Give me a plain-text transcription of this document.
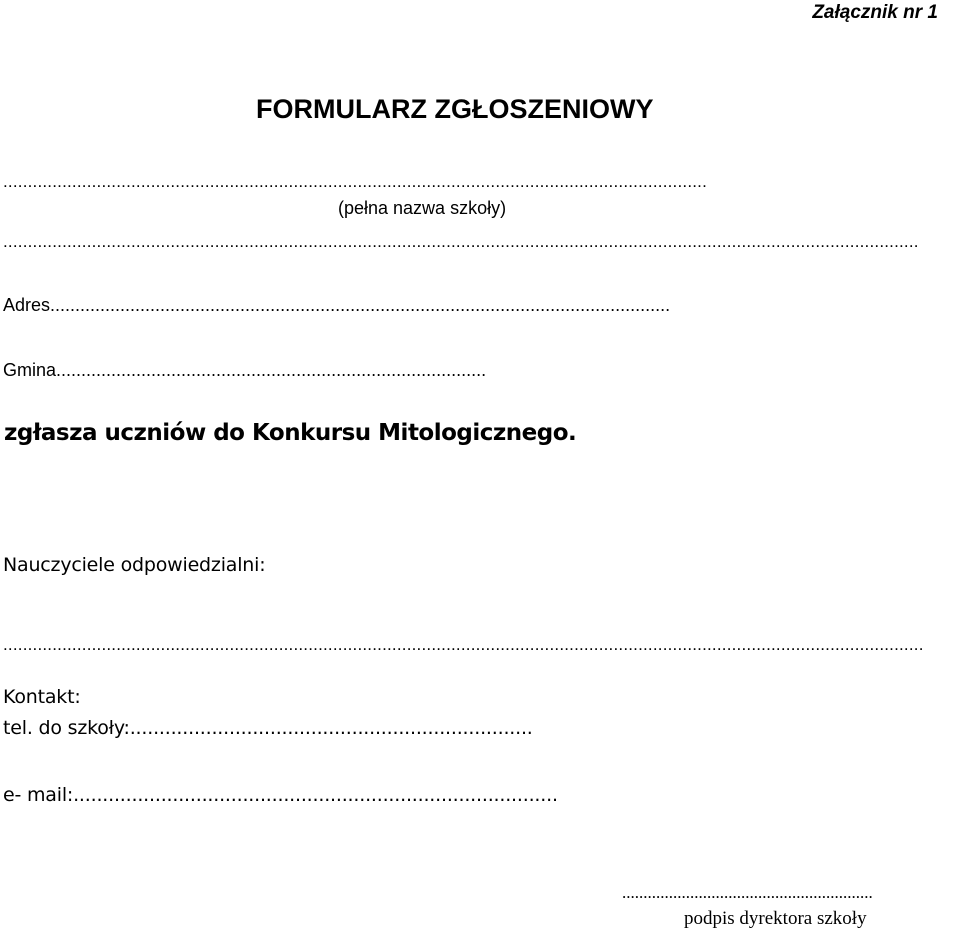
Załącznik nr 1
FORMULARZ ZGŁOSZENIOWY
...............................................................................................................................................
(pełna nazwa szkoły)
..........................................................................................................................................................................................
Adres............................................................................................................................
Gmina......................................................................................
zgłasza uczniów do Konkursu Mitologicznego.
Nauczyciele odpowiedzialni:
...........................................................................................................................................................................................
Kontakt:
tel. do szkoły:.....................................................................
e- mail:...................................................................................
...........................................................
podpis dyrektora szkoły
